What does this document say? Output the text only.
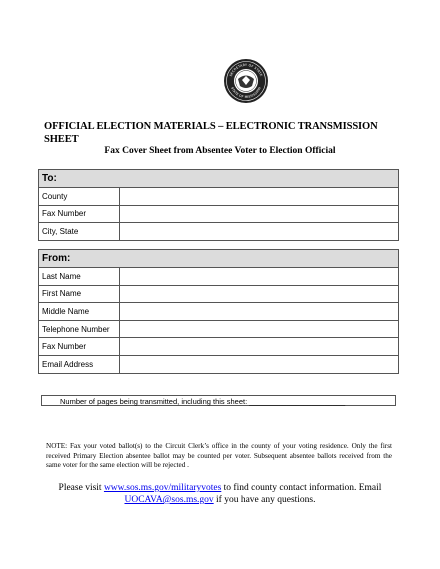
SECRETARY OF STATE
STATE OF MISSISSIPPI
OFFICIAL ELECTION MATERIALS – ELECTRONIC TRANSMISSION SHEET
Fax Cover Sheet from Absentee Voter to Election Official
To:	
County	
Fax Number	
City, State	
From:	
Last Name	
First Name	
Middle Name	
Telephone Number	
Fax Number	
Email Address	
Number of pages being transmitted, including this sheet: _______________________
NOTE: Fax your voted ballot(s) to the Circuit Clerk’s office in the county of your voting residence. Only the first received Primary Election absentee ballot may be counted per voter. Subsequent absentee ballots received from the same voter for the same election will be rejected .
Please visit www.sos.ms.gov/militaryvotes to find county contact information. Email UOCAVA@sos.ms.gov if you have any questions.
